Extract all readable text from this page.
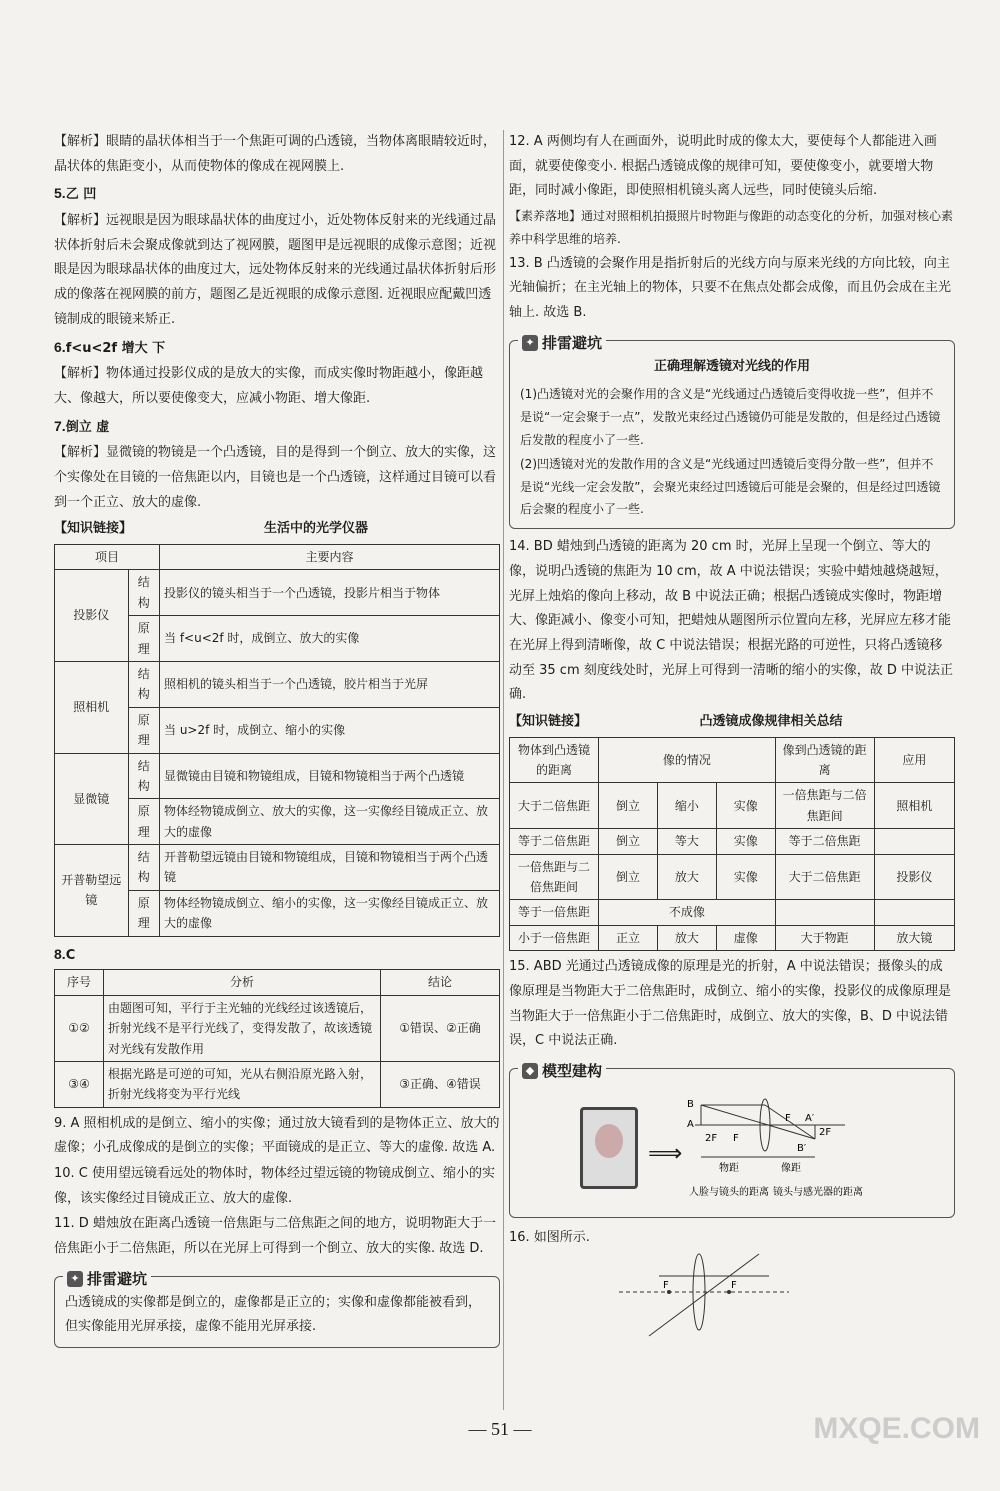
【解析】眼睛的晶状体相当于一个焦距可调的凸透镜，当物体离眼睛较近时，晶状体的焦距变小，从而使物体的像成在视网膜上.

5.乙 凹

【解析】远视眼是因为眼球晶状体的曲度过小，近处物体反射来的光线通过晶状体折射后未会聚成像就到达了视网膜，题图甲是远视眼的成像示意图；近视眼是因为眼球晶状体的曲度过大，远处物体反射来的光线通过晶状体折射后形成的像落在视网膜的前方，题图乙是近视眼的成像示意图. 近视眼应配戴凹透镜制成的眼镜来矫正.

6.f<u<2f 增大 下

【解析】物体通过投影仪成的是放大的实像，而成实像时物距越小，像距越大、像越大，所以要使像变大，应减小物距、增大像距.

7.倒立 虚

【解析】显微镜的物镜是一个凸透镜，目的是得到一个倒立、放大的实像，这个实像处在目镜的一倍焦距以内，目镜也是一个凸透镜，这样通过目镜可以看到一个正立、放大的虚像.

【知识链接】	生活中的光学仪器
项目		主要内容
投影仪	结构	投影仪的镜头相当于一个凸透镜，投影片相当于物体
	原理	当 f<u<2f 时，成倒立、放大的实像
照相机	结构	照相机的镜头相当于一个凸透镜，胶片相当于光屏
	原理	当 u>2f 时，成倒立、缩小的实像
显微镜	结构	显微镜由目镜和物镜组成，目镜和物镜相当于两个凸透镜
	原理	物体经物镜成倒立、放大的实像，这一实像经目镜成正立、放大的虚像
开普勒望远镜	结构	开普勒望远镜由目镜和物镜组成，目镜和物镜相当于两个凸透镜
	原理	物体经物镜成倒立、缩小的实像，这一实像经目镜成正立、放大的虚像

8.C

序号	分析	结论
①②	由题图可知，平行于主光轴的光线经过该透镜后，折射光线不是平行光线了，变得发散了，故该透镜对光线有发散作用	①错误、②正确
③④	根据光路是可逆的可知，光从右侧沿原光路入射，折射光线将变为平行光线	③正确、④错误

9. A 照相机成的是倒立、缩小的实像；通过放大镜看到的是物体正立、放大的虚像；小孔成像成的是倒立的实像；平面镜成的是正立、等大的虚像. 故选 A.

10. C 使用望远镜看远处的物体时，物体经过望远镜的物镜成倒立、缩小的实像，该实像经过目镜成正立、放大的虚像.

11. D 蜡烛放在距离凸透镜一倍焦距与二倍焦距之间的地方，说明物距大于一倍焦距小于二倍焦距，所以在光屏上可得到一个倒立、放大的实像. 故选 D.

✦ 排雷避坑

凸透镜成的实像都是倒立的，虚像都是正立的；实像和虚像都能被看到，但实像能用光屏承接，虚像不能用光屏承接.

12. A 两侧均有人在画面外，说明此时成的像太大，要使每个人都能进入画面，就要使像变小. 根据凸透镜成像的规律可知，要使像变小，就要增大物距，同时减小像距，即使照相机镜头离人远些，同时使镜头后缩.

【素养落地】通过对照相机拍摄照片时物距与像距的动态变化的分析，加强对核心素养中科学思维的培养.

13. B 凸透镜的会聚作用是指折射后的光线方向与原来光线的方向比较，向主光轴偏折；在主光轴上的物体，只要不在焦点处都会成像，而且仍会成在主光轴上. 故选 B.

✦ 排雷避坑
正确理解透镜对光线的作用

(1)凸透镜对光的会聚作用的含义是“光线通过凸透镜后变得收拢一些”，但并不是说“一定会聚于一点”，发散光束经过凸透镜仍可能是发散的，但是经过凸透镜后发散的程度小了一些.

(2)凹透镜对光的发散作用的含义是“光线通过凹透镜后变得分散一些”，但并不是说“光线一定会发散”，会聚光束经过凹透镜后可能是会聚的，但是经过凹透镜后会聚的程度小了一些.

14. BD 蜡烛到凸透镜的距离为 20 cm 时，光屏上呈现一个倒立、等大的像，说明凸透镜的焦距为 10 cm，故 A 中说法错误；实验中蜡烛越烧越短，光屏上烛焰的像向上移动，故 B 中说法正确；根据凸透镜成实像时，物距增大、像距减小、像变小可知，把蜡烛从题图所示位置向左移，光屏应左移才能在光屏上得到清晰像，故 C 中说法错误；根据光路的可逆性，只将凸透镜移动至 35 cm 刻度线处时，光屏上可得到一清晰的缩小的实像，故 D 中说法正确.

【知识链接】	凸透镜成像规律相关总结
物体到凸透镜的距离	像的情况			像到凸透镜的距离	应用
大于二倍焦距	倒立	缩小	实像	一倍焦距与二倍焦距间	照相机
等于二倍焦距	倒立	等大	实像	等于二倍焦距	
一倍焦距与二倍焦距间	倒立	放大	实像	大于二倍焦距	投影仪
等于一倍焦距	不成像				
小于一倍焦距	正立	放大	虚像	大于物距	放大镜

15. ABD 光通过凸透镜成像的原理是光的折射，A 中说法错误；摄像头的成像原理是当物距大于二倍焦距时，成倒立、缩小的实像，投影仪的成像原理是当物距大于一倍焦距小于二倍焦距时，成倒立、放大的实像，B、D 中说法错误，C 中说法正确.

◆ 模型建构
⟹
B
A
2F F
F A′
2F
B′
物距	像距
人脸与镜头的距离 镜头与感光器的距离

16. 如图所示.

F	F
— 51 —	MXQE.COM
